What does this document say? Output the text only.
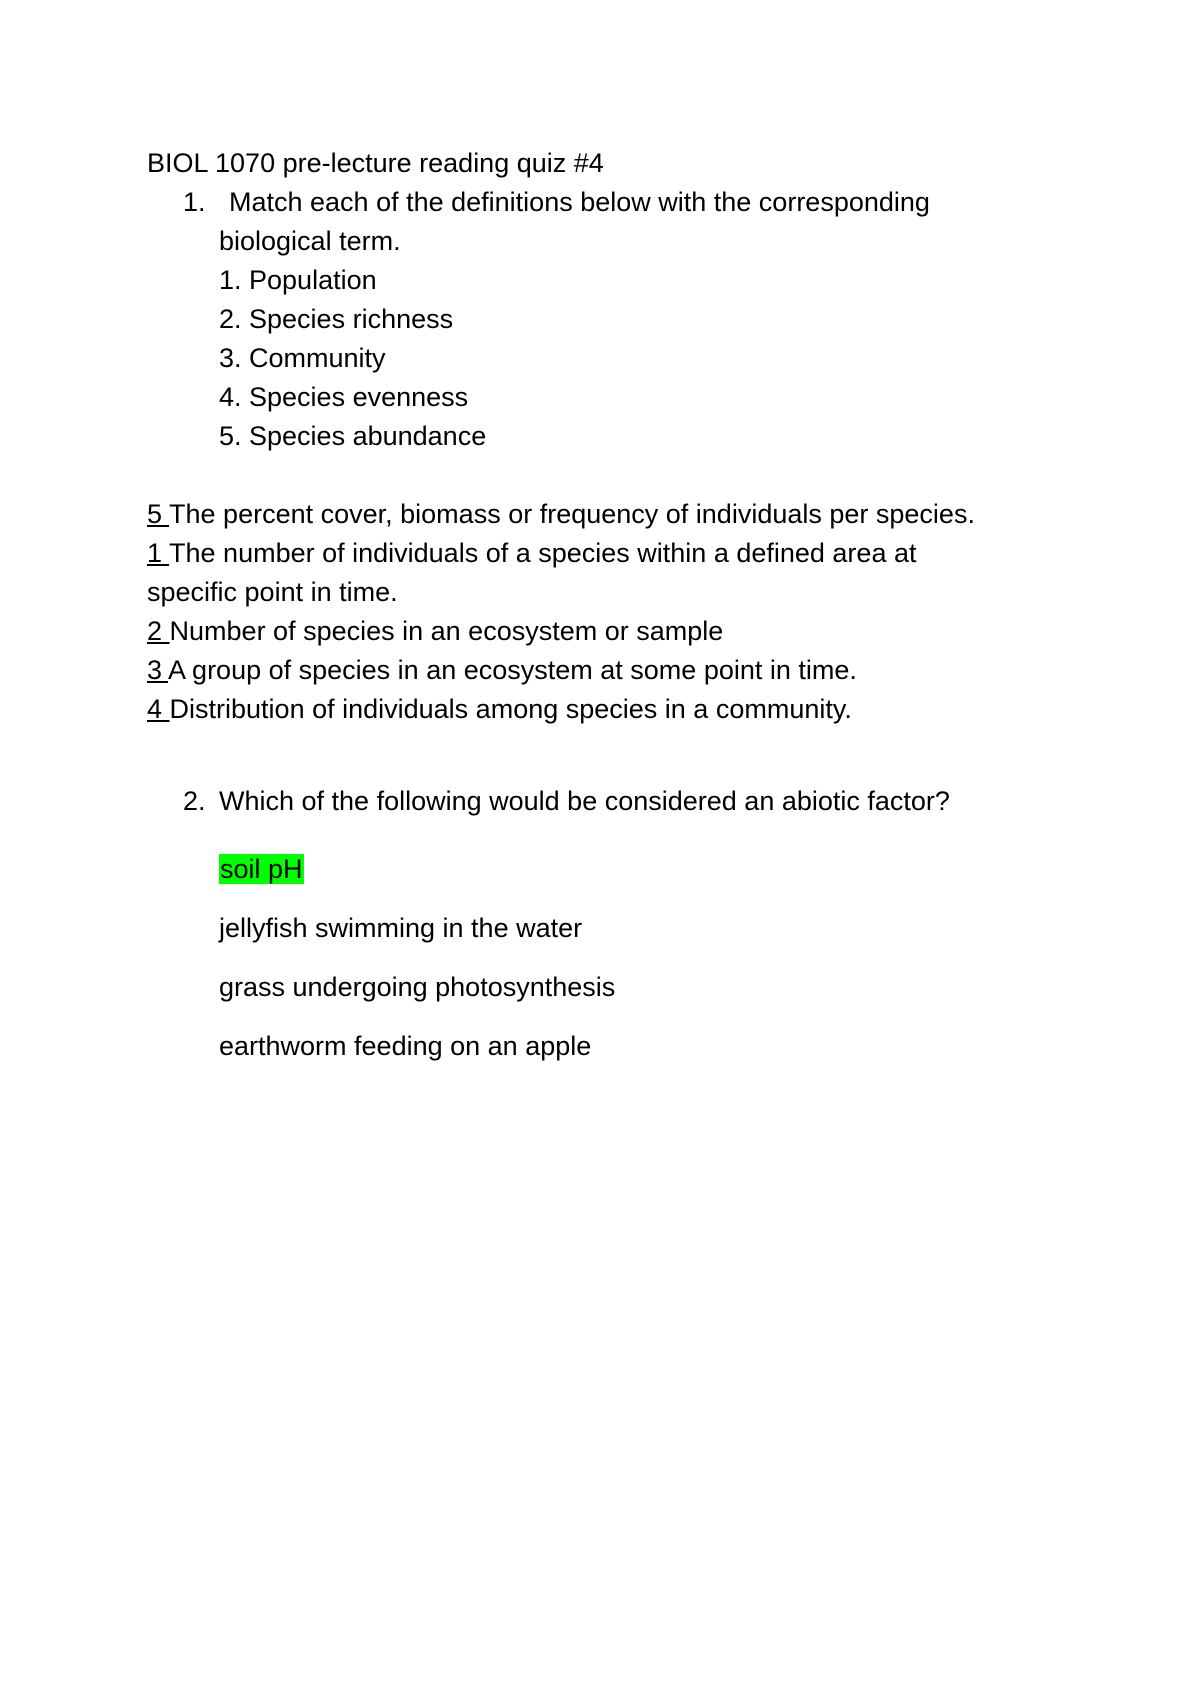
BIOL 1070 pre-lecture reading quiz #4
1. Match each of the definitions below with the corresponding
biological term.
1. Population
2. Species richness
3. Community
4. Species evenness
5. Species abundance
5 The percent cover, biomass or frequency of individuals per species.
1 The number of individuals of a species within a defined area at
specific point in time.
2 Number of species in an ecosystem or sample
3 A group of species in an ecosystem at some point in time.
4 Distribution of individuals among species in a community.
2. Which of the following would be considered an abiotic factor?
soil pH
jellyfish swimming in the water
grass undergoing photosynthesis
earthworm feeding on an apple
